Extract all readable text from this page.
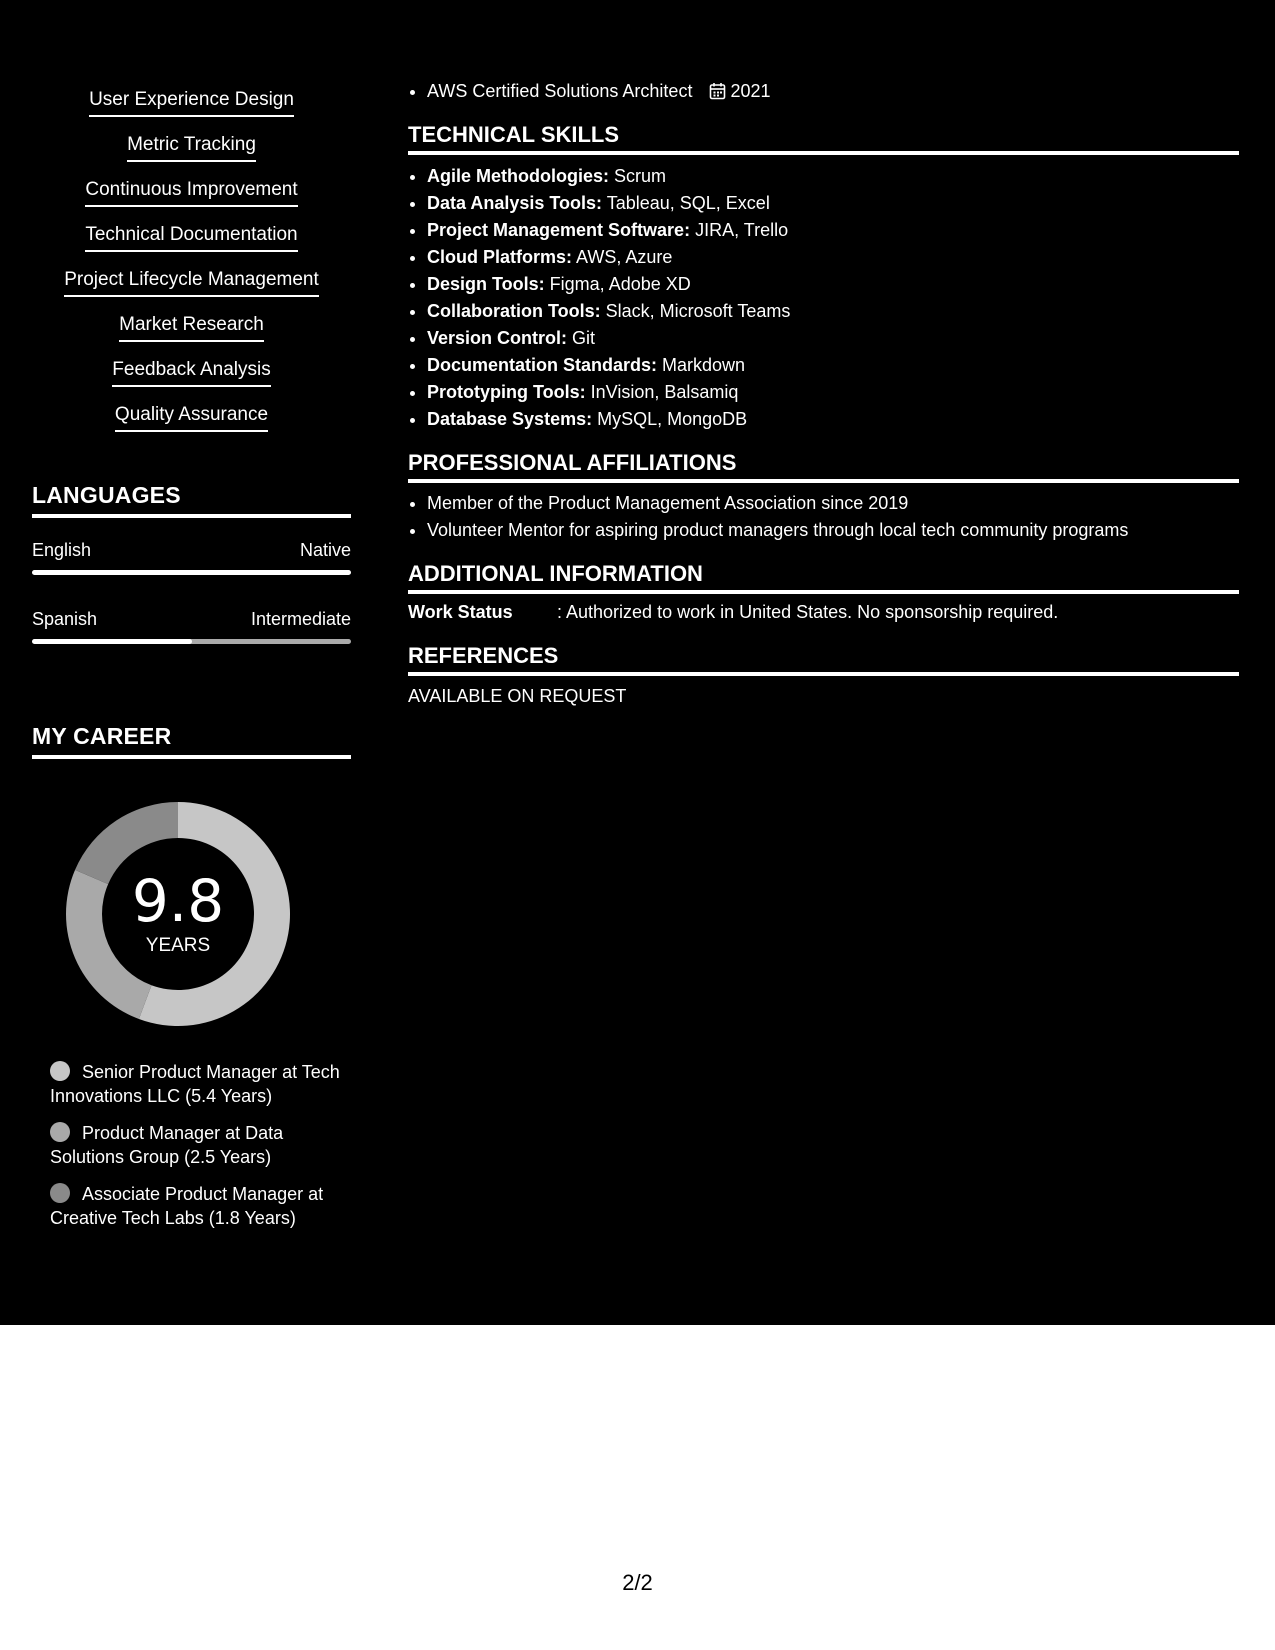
User Experience Design
Metric Tracking
Continuous Improvement
Technical Documentation
Project Lifecycle Management
Market Research
Feedback Analysis
Quality Assurance
LANGUAGES
English	Native
Spanish	Intermediate
MY CAREER
9.8
YEARS
Senior Product Manager at Tech Innovations LLC (5.4 Years)
Product Manager at Data Solutions Group (2.5 Years)
Associate Product Manager at Creative Tech Labs (1.8 Years)
• AWS Certified Solutions Architect 2021
TECHNICAL SKILLS
• Agile Methodologies: Scrum
• Data Analysis Tools: Tableau, SQL, Excel
• Project Management Software: JIRA, Trello
• Cloud Platforms: AWS, Azure
• Design Tools: Figma, Adobe XD
• Collaboration Tools: Slack, Microsoft Teams
• Version Control: Git
• Documentation Standards: Markdown
• Prototyping Tools: InVision, Balsamiq
• Database Systems: MySQL, MongoDB
PROFESSIONAL AFFILIATIONS
• Member of the Product Management Association since 2019
• Volunteer Mentor for aspiring product managers through local tech community programs
ADDITIONAL INFORMATION
Work Status : Authorized to work in United States. No sponsorship required.
REFERENCES
AVAILABLE ON REQUEST
2/2
